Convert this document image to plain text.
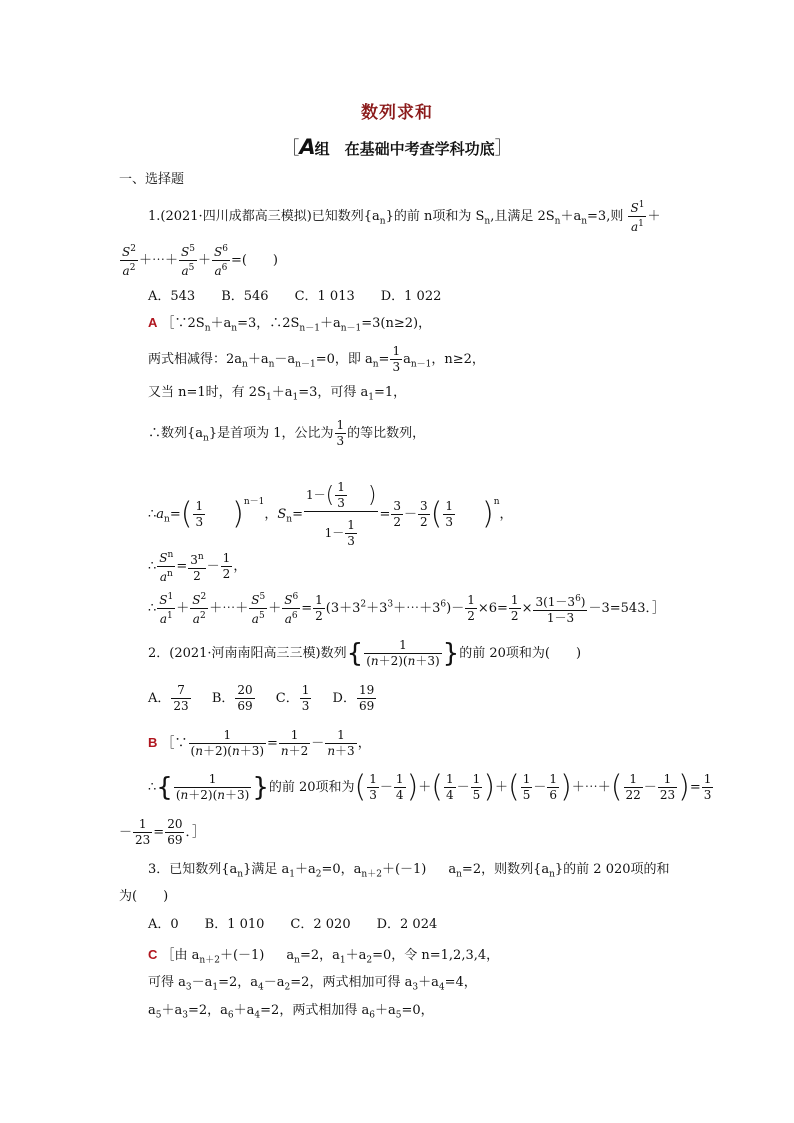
数列求和
［A组　在基础中考查学科功底］
一、选择题
1.(2021·四川成都高三模拟)已知数列$\{a_n\}$的前 n项和为 $S_n$,且满足 $2S_n+a_n=3$,则 $\frac{S^1}{a^1}$ ＋
$\frac{S^2}{a^2}$ ＋⋯＋ $\frac{S^5}{a^5} + \frac{S^6}{a^6}$ =(　　)
A．543　　B．546　　C．1 013　　D．1 022
A $[\because 2S_n+a_n=3$，$\therefore 2S_{n-1}+a_{n-1}=3(n\ge 2)$，
两式相减得：$2a_n+a_n-a_{n-1}=0$，即 $a_n= \frac{1}{3} a_{n-1}$，n≥2，
又当 n=1时，有 $2S_1+a_1=3$，可得 $a_1=1$，
∴数列$\{a_n\}$是首项为 1，公比为 $\frac{1}{3}$ 的等比数列，
$\therefore a_n=( \frac{1}{3} )^{n-1}$，$S_n= \frac{1-( \frac{1}{3} )}{1- \frac{1}{3}} = \frac{3}{2} - \frac{3}{2}$ ( $\frac{1}{3} )^n$，
∴ $\frac{S^n}{a^n} = \frac{3^n}{2} - \frac{1}{2}$ ，
∴ $\frac{S^1}{a^1} + \frac{S^2}{a^2}$ ＋⋯＋ $\frac{S^5}{a^5} + \frac{S^6}{a^6} = \frac{1}{2}$ $(3+3^2+3^3+\cdots+3^6)- \frac{1}{2} \times 6= \frac{1}{2} \times \frac{3(1-3^6)}{1-3} -3=543$．］
2．(2021·河南南阳高三三模)数列{ $\frac{1}{(n+2)(n+3)}$ }的前 20项和为(　　)
A． $\frac{7}{23}$ B． $\frac{20}{69}$ C． $\frac{1}{3}$ D． $\frac{19}{69}$
B ［∵ $\frac{1}{(n+2)(n+3)} = \frac{1}{n+2} - \frac{1}{n+3}$ ，
∴{ $\frac{1}{(n+2)(n+3)}$ }的前 20项和为( $\frac{1}{3} - \frac{1}{4}$ )＋( $\frac{1}{4} - \frac{1}{5}$ )＋( $\frac{1}{5} - \frac{1}{6}$ )＋⋯＋( $\frac{1}{22} - \frac{1}{23}$ )= $\frac{1}{3}$
－ $\frac{1}{23} = \frac{20}{69}$ ．］
3．已知数列$\{a_n\}$满足 $a_1+a_2=0$，$a_{n+2}+(-1)$ $a_n=2$，则数列$\{a_n\}$的前 2 020项的和
为(　　)
A．0　　B．1 010　　C．2 020　　D．2 024
C ［由 $a_{n+2}+(-1)$ $a_n=2$，$a_1+a_2=0$，令 n=1,2,3,4，
可得 $a_3-a_1=2$，$a_4-a_2=2$，两式相加可得 $a_3+a_4=4$，
$a_5+a_3=2$，$a_6+a_4=2$，两式相加得 $a_6+a_5=0$，
